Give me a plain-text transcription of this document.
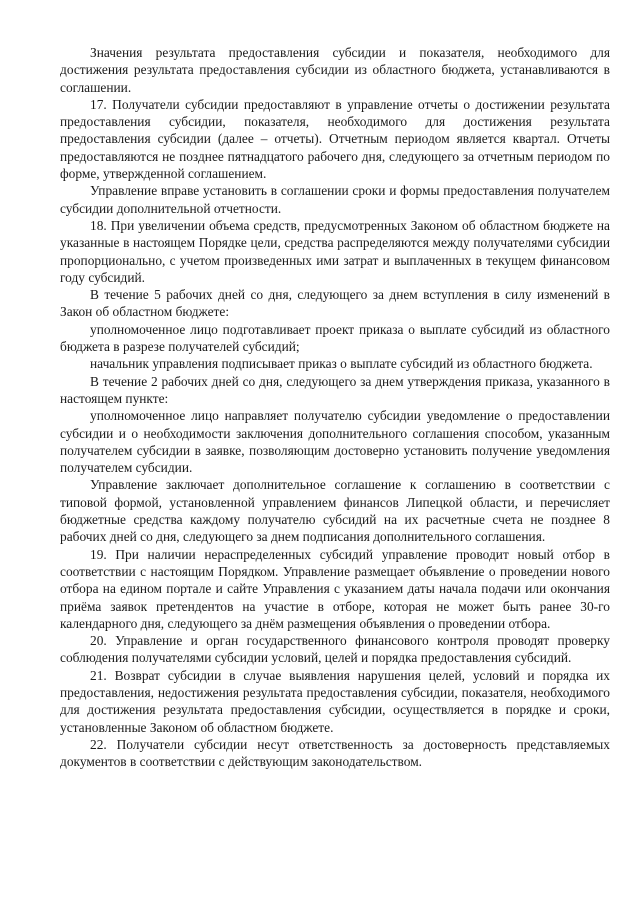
Значения результата предоставления субсидии и показателя, необходимого для достижения результата предоставления субсидии из областного бюджета, устанавливаются в соглашении.

17. Получатели субсидии предоставляют в управление отчеты о достижении результата предоставления субсидии, показателя, необходимого для достижения результата предоставления субсидии (далее – отчеты). Отчетным периодом является квартал. Отчеты предоставляются не позднее пятнадцатого рабочего дня, следующего за отчетным периодом по форме, утвержденной соглашением.

Управление вправе установить в соглашении сроки и формы предоставления получателем субсидии дополнительной отчетности.

18. При увеличении объема средств, предусмотренных Законом об областном бюджете на указанные в настоящем Порядке цели, средства распределяются между получателями субсидии пропорционально, с учетом произведенных ими затрат и выплаченных в текущем финансовом году субсидий.

В течение 5 рабочих дней со дня, следующего за днем вступления в силу изменений в Закон об областном бюджете:

уполномоченное лицо подготавливает проект приказа о выплате субсидий из областного бюджета в разрезе получателей субсидий;

начальник управления подписывает приказ о выплате субсидий из областного бюджета.

В течение 2 рабочих дней со дня, следующего за днем утверждения приказа, указанного в настоящем пункте:

уполномоченное лицо направляет получателю субсидии уведомление о предоставлении субсидии и о необходимости заключения дополнительного соглашения способом, указанным получателем субсидии в заявке, позволяющим достоверно установить получение уведомления получателем субсидии.

Управление заключает дополнительное соглашение к соглашению в соответствии с типовой формой, установленной управлением финансов Липецкой области, и перечисляет бюджетные средства каждому получателю субсидий на их расчетные счета не позднее 8 рабочих дней со дня, следующего за днем подписания дополнительного соглашения.

19. При наличии нераспределенных субсидий управление проводит новый отбор в соответствии с настоящим Порядком. Управление размещает объявление о проведении нового отбора на едином портале и сайте Управления с указанием даты начала подачи или окончания приёма заявок претендентов на участие в отборе, которая не может быть ранее 30-го календарного дня, следующего за днём размещения объявления о проведении отбора.

20. Управление и орган государственного финансового контроля проводят проверку соблюдения получателями субсидии условий, целей и порядка предоставления субсидий.

21. Возврат субсидии в случае выявления нарушения целей, условий и порядка их предоставления, недостижения результата предоставления субсидии, показателя, необходимого для достижения результата предоставления субсидии, осуществляется в порядке и сроки, установленные Законом об областном бюджете.

22. Получатели субсидии несут ответственность за достоверность представляемых документов в соответствии с действующим законодательством.
